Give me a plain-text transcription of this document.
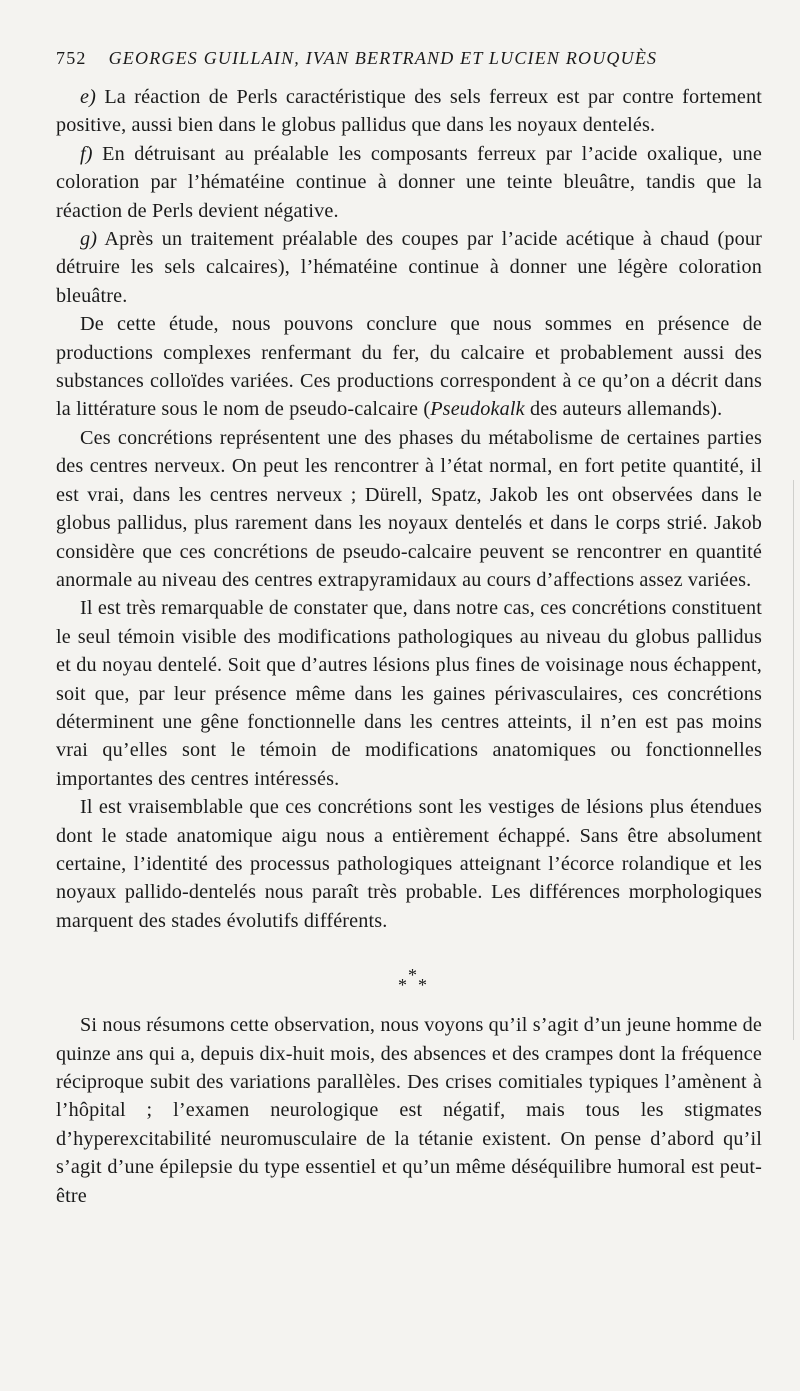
752 GEORGES GUILLAIN, IVAN BERTRAND ET LUCIEN ROUQUÈS

e) La réaction de Perls caractéristique des sels ferreux est par contre fortement positive, aussi bien dans le globus pallidus que dans les noyaux dentelés.

f) En détruisant au préalable les composants ferreux par l’acide oxalique, une coloration par l’hématéine continue à donner une teinte bleuâtre, tandis que la réaction de Perls devient négative.

g) Après un traitement préalable des coupes par l’acide acétique à chaud (pour détruire les sels calcaires), l’hématéine continue à donner une légère coloration bleuâtre.

De cette étude, nous pouvons conclure que nous sommes en présence de productions complexes renfermant du fer, du calcaire et probablement aussi des substances colloïdes variées. Ces productions correspondent à ce qu’on a décrit dans la littérature sous le nom de pseudo-calcaire (Pseudokalk des auteurs allemands).

Ces concrétions représentent une des phases du métabolisme de certaines parties des centres nerveux. On peut les rencontrer à l’état normal, en fort petite quantité, il est vrai, dans les centres nerveux ; Dürell, Spatz, Jakob les ont observées dans le globus pallidus, plus rarement dans les noyaux dentelés et dans le corps strié. Jakob considère que ces concrétions de pseudo-calcaire peuvent se rencontrer en quantité anormale au niveau des centres extrapyramidaux au cours d’affections assez variées.

Il est très remarquable de constater que, dans notre cas, ces concrétions constituent le seul témoin visible des modifications pathologiques au niveau du globus pallidus et du noyau dentelé. Soit que d’autres lésions plus fines de voisinage nous échappent, soit que, par leur présence même dans les gaines périvasculaires, ces concrétions déterminent une gêne fonctionnelle dans les centres atteints, il n’en est pas moins vrai qu’elles sont le témoin de modifications anatomiques ou fonctionnelles importantes des centres intéressés.

Il est vraisemblable que ces concrétions sont les vestiges de lésions plus étendues dont le stade anatomique aigu nous a entièrement échappé. Sans être absolument certaine, l’identité des processus pathologiques atteignant l’écorce rolandique et les noyaux pallido-dentelés nous paraît très probable. Les différences morphologiques marquent des stades évolutifs différents.

*
* *

Si nous résumons cette observation, nous voyons qu’il s’agit d’un jeune homme de quinze ans qui a, depuis dix-huit mois, des absences et des crampes dont la fréquence réciproque subit des variations parallèles. Des crises comitiales typiques l’amènent à l’hôpital ; l’examen neurologique est négatif, mais tous les stigmates d’hyperexcitabilité neuromusculaire de la tétanie existent. On pense d’abord qu’il s’agit d’une épilepsie du type essentiel et qu’un même déséquilibre humoral est peut-être
